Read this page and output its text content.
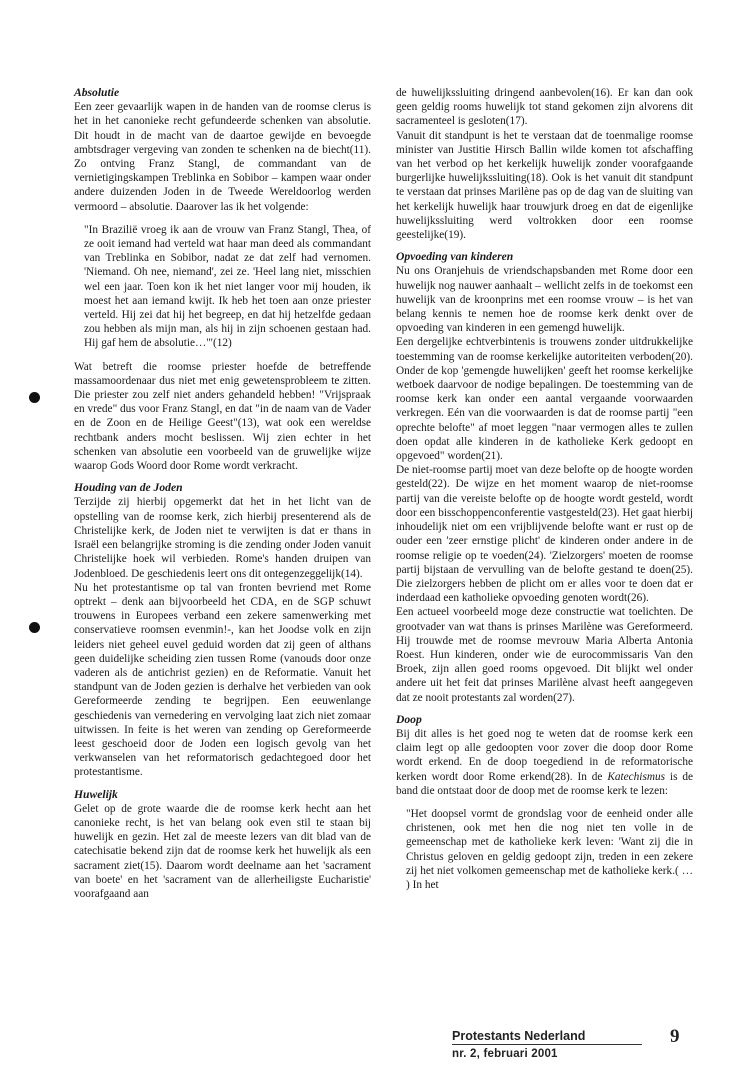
Absolutie

Een zeer gevaarlijk wapen in de handen van de roomse clerus is het in het canonieke recht gefundeerde schenken van absolutie. Dit houdt in de macht van de daartoe gewijde en bevoegde ambtsdrager vergeving van zonden te schenken na de biecht(11). Zo ontving Franz Stangl, de commandant van de vernietigingskampen Treblinka en Sobibor – kampen waar onder andere duizenden Joden in de Tweede Wereldoorlog werden vermoord – absolutie. Daarover las ik het volgende:

"In Brazilië vroeg ik aan de vrouw van Franz Stangl, Thea, of ze ooit iemand had verteld wat haar man deed als commandant van Treblinka en Sobibor, nadat ze dat zelf had vernomen. 'Niemand. Oh nee, niemand', zei ze. 'Heel lang niet, misschien wel een jaar. Toen kon ik het niet langer voor mij houden, ik moest het aan iemand kwijt. Ik heb het toen aan onze priester verteld. Hij zei dat hij het begreep, en dat hij hetzelfde gedaan zou hebben als mijn man, als hij in zijn schoenen gestaan had. Hij gaf hem de absolutie…'"(12)

Wat betreft die roomse priester hoefde de betreffende massamoordenaar dus niet met enig gewetensprobleem te zitten. Die priester zou zelf niet anders gehandeld hebben! "Vrijspraak en vrede" dus voor Franz Stangl, en dat "in de naam van de Vader en de Zoon en de Heilige Geest"(13), wat ook een wereldse rechtbank anders mocht beslissen. Wij zien echter in het schenken van absolutie een voorbeeld van de gruwelijke wijze waarop Gods Woord door Rome wordt verkracht.

Houding van de Joden

Terzijde zij hierbij opgemerkt dat het in het licht van de opstelling van de roomse kerk, zich hierbij presenterend als de Christelijke kerk, de Joden niet te verwijten is dat er thans in Israël een belangrijke stroming is die zending onder Joden vanuit Christelijke hoek wil verbieden. Rome's handen druipen van Jodenbloed. De geschiedenis leert ons dit ontegenzeggelijk(14).

Nu het protestantisme op tal van fronten bevriend met Rome optrekt – denk aan bijvoorbeeld het CDA, en de SGP schuwt trouwens in Europees verband een zekere samenwerking met conservatieve roomsen evenmin!-, kan het Joodse volk en zijn leiders niet geheel euvel geduid worden dat zij geen of althans geen duidelijke scheiding zien tussen Rome (vanouds door onze vaderen als de antichrist gezien) en de Reformatie. Vanuit het standpunt van de Joden gezien is derhalve het verbieden van ook Gereformeerde zending te begrijpen. Een eeuwenlange geschiedenis van vernedering en vervolging laat zich niet zomaar uitwissen. In feite is het weren van zending op Gereformeerde leest geschoeid door de Joden een logisch gevolg van het verkwanselen van het reformatorisch gedachtegoed door het protestantisme.

Huwelijk

Gelet op de grote waarde die de roomse kerk hecht aan het canonieke recht, is het van belang ook even stil te staan bij huwelijk en gezin. Het zal de meeste lezers van dit blad van de catechisatie bekend zijn dat de roomse kerk het huwelijk als een sacrament ziet(15). Daarom wordt deelname aan het 'sacrament van boete' en het 'sacrament van de allerheiligste Eucharistie' voorafgaand aan

de huwelijkssluiting dringend aanbevolen(16). Er kan dan ook geen geldig rooms huwelijk tot stand gekomen zijn alvorens dit sacramenteel is gesloten(17).

Vanuit dit standpunt is het te verstaan dat de toenmalige roomse minister van Justitie Hirsch Ballin wilde komen tot afschaffing van het verbod op het kerkelijk huwelijk zonder voorafgaande burgerlijke huwelijkssluiting(18). Ook is het vanuit dit standpunt te verstaan dat prinses Marilène pas op de dag van de sluiting van het kerkelijk huwelijk haar trouwjurk droeg en dat de eigenlijke huwelijkssluiting werd voltrokken door een roomse geestelijke(19).

Opvoeding van kinderen

Nu ons Oranjehuis de vriendschapsbanden met Rome door een huwelijk nog nauwer aanhaalt – wellicht zelfs in de toekomst een huwelijk van de kroonprins met een roomse vrouw – is het van belang kennis te nemen hoe de roomse kerk denkt over de opvoeding van kinderen in een gemengd huwelijk.

Een dergelijke echtverbintenis is trouwens zonder uitdrukkelijke toestemming van de roomse kerkelijke autoriteiten verboden(20). Onder de kop 'gemengde huwelijken' geeft het roomse kerkelijke wetboek daarvoor de nodige bepalingen. De toestemming van de roomse kerk kan onder een aantal vergaande voorwaarden verkregen. Eén van die voorwaarden is dat de roomse partij "een oprechte belofte" af moet leggen "naar vermogen alles te zullen doen opdat alle kinderen in de katholieke Kerk gedoopt en opgevoed" worden(21).

De niet-roomse partij moet van deze belofte op de hoogte worden gesteld(22). De wijze en het moment waarop de niet-roomse partij van die vereiste belofte op de hoogte wordt gesteld, wordt door een bisschoppenconferentie vastgesteld(23). Het gaat hierbij inhoudelijk niet om een vrijblijvende belofte want er rust op de ouder een 'zeer ernstige plicht' de kinderen onder andere in de roomse religie op te voeden(24). 'Zielzorgers' moeten de roomse partij bijstaan de vervulling van de belofte gestand te doen(25). Die zielzorgers hebben de plicht om er alles voor te doen dat er inderdaad een katholieke opvoeding genoten wordt(26).

Een actueel voorbeeld moge deze constructie wat toelichten. De grootvader van wat thans is prinses Marilène was Gereformeerd. Hij trouwde met de roomse mevrouw Maria Alberta Antonia Roest. Hun kinderen, onder wie de eurocommissaris Van den Broek, zijn allen goed rooms opgevoed. Dit blijkt wel onder andere uit het feit dat prinses Marilène alvast heeft aangegeven dat ze nooit protestants zal worden(27).

Doop

Bij dit alles is het goed nog te weten dat de roomse kerk een claim legt op alle gedoopten voor zover die doop door Rome wordt erkend. En de doop toegediend in de reformatorische kerken wordt door Rome erkend(28). In de Katechismus is de band die ontstaat door de doop met de roomse kerk te lezen:

"Het doopsel vormt de grondslag voor de eenheid onder alle christenen, ook met hen die nog niet ten volle in de gemeenschap met de katholieke kerk leven: 'Want zij die in Christus geloven en geldig gedoopt zijn, treden in een zekere zij het niet volkomen gemeenschap met de katholieke kerk.( … ) In het

Protestants Nederland
nr. 2, februari 2001
9
